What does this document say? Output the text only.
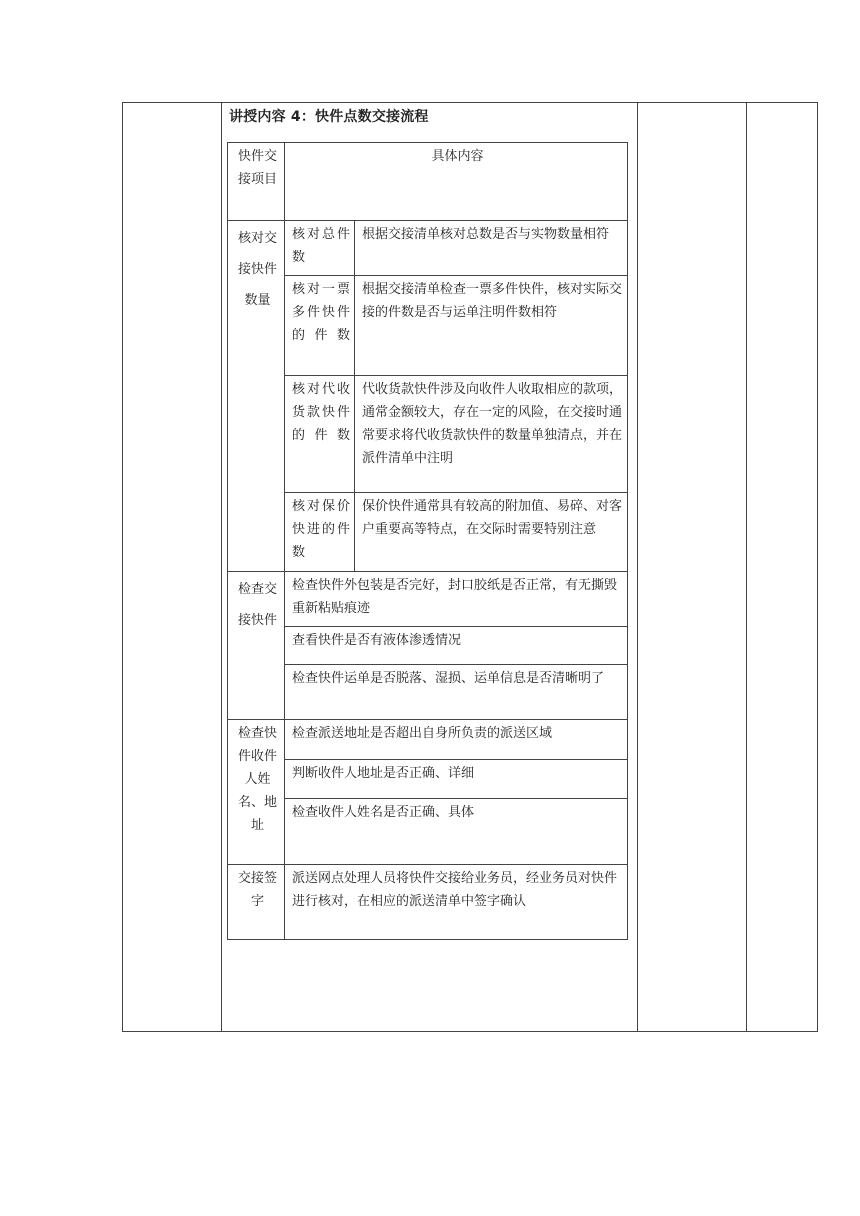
讲授内容 4：快件点数交接流程
快件交接项目	具体内容	
核对交接快件数量	核对总件数	根据交接清单核对总数是否与实物数量相符
	核对一票多件快件的件数	根据交接清单检查一票多件快件，核对实际交接的件数是否与运单注明件数相符
	核对代收货款快件的件数	代收货款快件涉及向收件人收取相应的款项，通常金额较大，存在一定的风险，在交接时通常要求将代收货款快件的数量单独清点，并在派件清单中注明
	核对保价快进的件数	保价快件通常具有较高的附加值、易碎、对客户重要高等特点，在交际时需要特别注意
检查交接快件	检查快件外包装是否完好，封口胶纸是否正常，有无撕毁重新粘贴痕迹	
	查看快件是否有液体渗透情况	
	检查快件运单是否脱落、湿损、运单信息是否清晰明了	
检查快件收件人姓名、地址	检查派送地址是否超出自身所负责的派送区域	
	判断收件人地址是否正确、详细	
	检查收件人姓名是否正确、具体	
交接签字	派送网点处理人员将快件交接给业务员，经业务员对快件进行核对，在相应的派送清单中签字确认	
